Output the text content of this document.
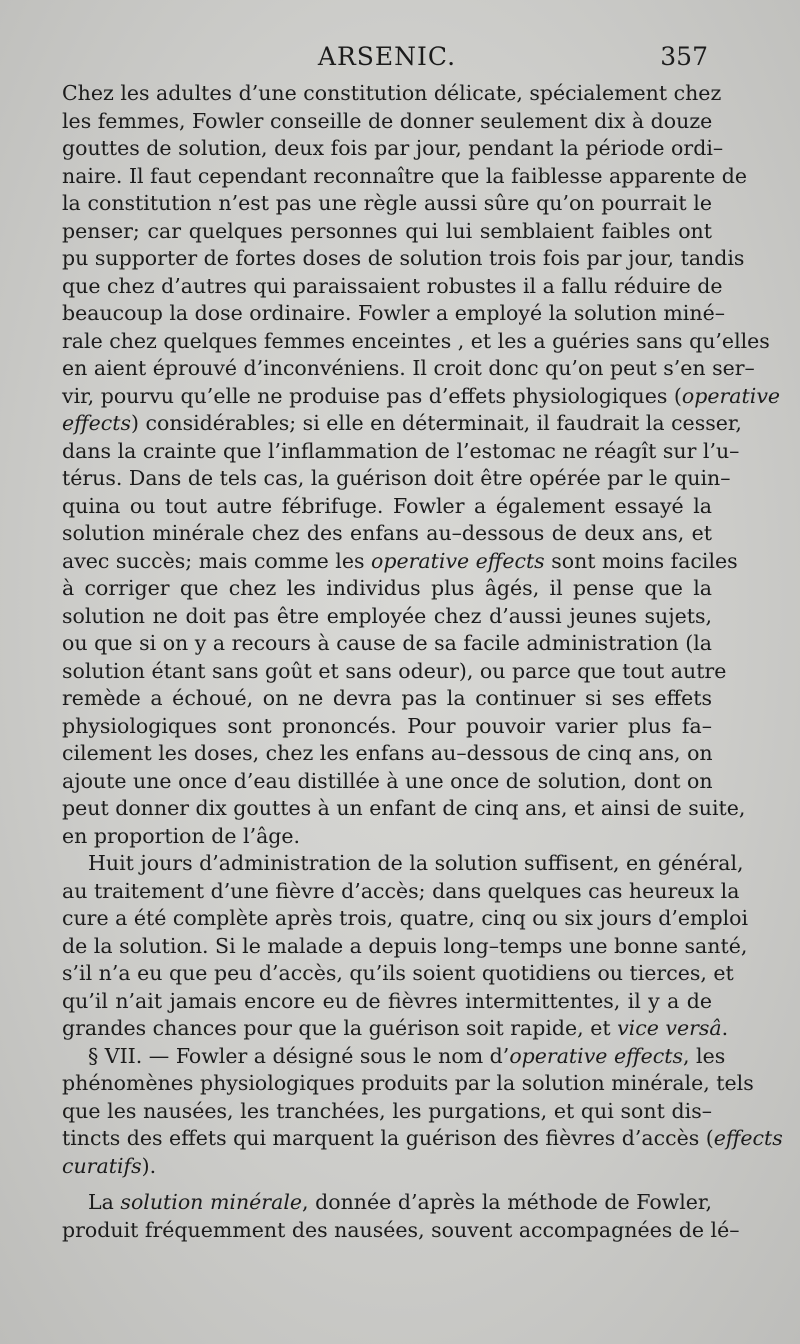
ARSENIC.	357
Chez les adultes d’une constitution délicate, spécialement chez
les femmes, Fowler conseille de donner seulement dix à douze
gouttes de solution, deux fois par jour, pendant la période ordi–
naire. Il faut cependant reconnaître que la faiblesse apparente de
la constitution n’est pas une règle aussi sûre qu’on pourrait le
penser; car quelques personnes qui lui semblaient faibles ont
pu supporter de fortes doses de solution trois fois par jour, tandis
que chez d’autres qui paraissaient robustes il a fallu réduire de
beaucoup la dose ordinaire. Fowler a employé la solution miné–
rale chez quelques femmes enceintes , et les a guéries sans qu’elles
en aient éprouvé d’inconvéniens. Il croit donc qu’on peut s’en ser–
vir, pourvu qu’elle ne produise pas d’effets physiologiques (operative
effects) considérables; si elle en déterminait, il faudrait la cesser,
dans la crainte que l’inflammation de l’estomac ne réagît sur l’u–
térus. Dans de tels cas, la guérison doit être opérée par le quin–
quina ou tout autre fébrifuge. Fowler a également essayé la
solution minérale chez des enfans au–dessous de deux ans, et
avec succès; mais comme les operative effects sont moins faciles
à corriger que chez les individus plus âgés, il pense que la
solution ne doit pas être employée chez d’aussi jeunes sujets,
ou que si on y a recours à cause de sa facile administration (la
solution étant sans goût et sans odeur), ou parce que tout autre
remède a échoué, on ne devra pas la continuer si ses effets
physiologiques sont prononcés. Pour pouvoir varier plus fa–
cilement les doses, chez les enfans au–dessous de cinq ans, on
ajoute une once d’eau distillée à une once de solution, dont on
peut donner dix gouttes à un enfant de cinq ans, et ainsi de suite,
en proportion de l’âge.
Huit jours d’administration de la solution suffisent, en général,
au traitement d’une fièvre d’accès; dans quelques cas heureux la
cure a été complète après trois, quatre, cinq ou six jours d’emploi
de la solution. Si le malade a depuis long–temps une bonne santé,
s’il n’a eu que peu d’accès, qu’ils soient quotidiens ou tierces, et
qu’il n’ait jamais encore eu de fièvres intermittentes, il y a de
grandes chances pour que la guérison soit rapide, et vice versâ.
§ VII. — Fowler a désigné sous le nom d’operative effects, les
phénomènes physiologiques produits par la solution minérale, tels
que les nausées, les tranchées, les purgations, et qui sont dis–
tincts des effets qui marquent la guérison des fièvres d’accès (effects
curatifs).
La solution minérale, donnée d’après la méthode de Fowler,
produit fréquemment des nausées, souvent accompagnées de lé–
